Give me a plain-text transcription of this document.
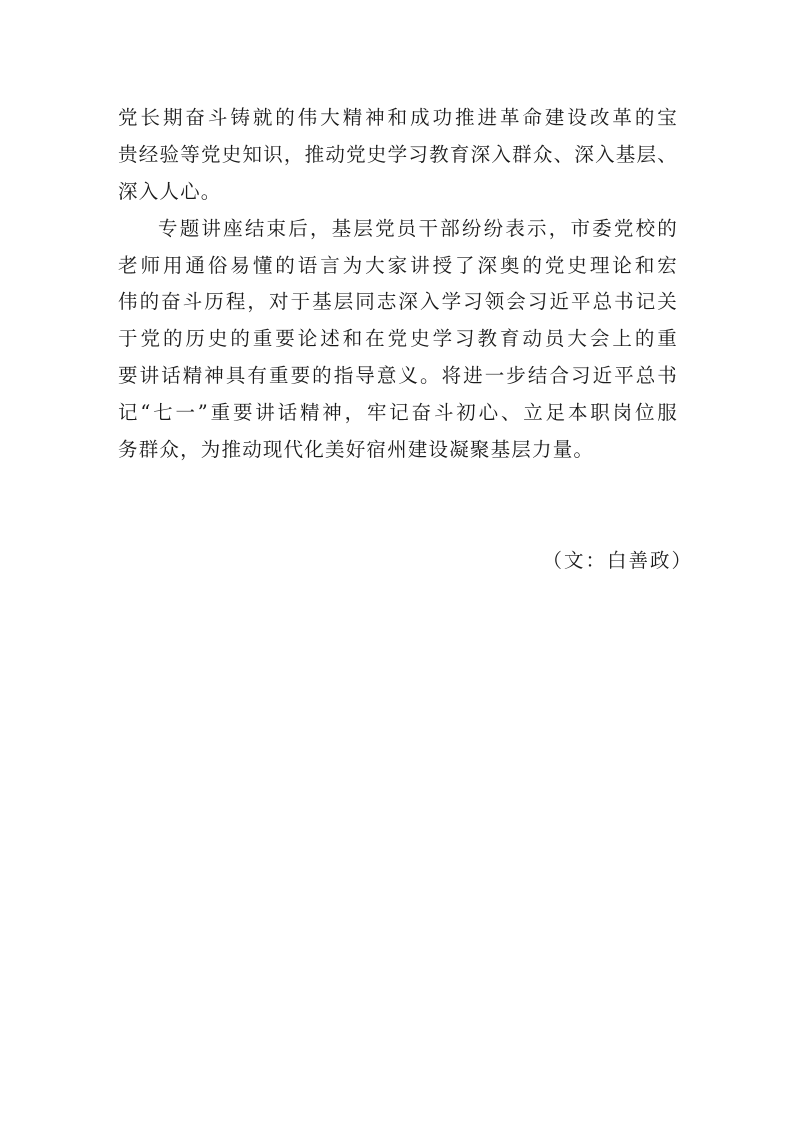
党长期奋斗铸就的伟大精神和成功推进革命建设改革的宝
贵经验等党史知识，推动党史学习教育深入群众、深入基层、
深入人心。
专题讲座结束后，基层党员干部纷纷表示，市委党校的
老师用通俗易懂的语言为大家讲授了深奥的党史理论和宏
伟的奋斗历程，对于基层同志深入学习领会习近平总书记关
于党的历史的重要论述和在党史学习教育动员大会上的重
要讲话精神具有重要的指导意义。将进一步结合习近平总书
记“七一”重要讲话精神，牢记奋斗初心、立足本职岗位服
务群众，为推动现代化美好宿州建设凝聚基层力量。
（文：白善政）
